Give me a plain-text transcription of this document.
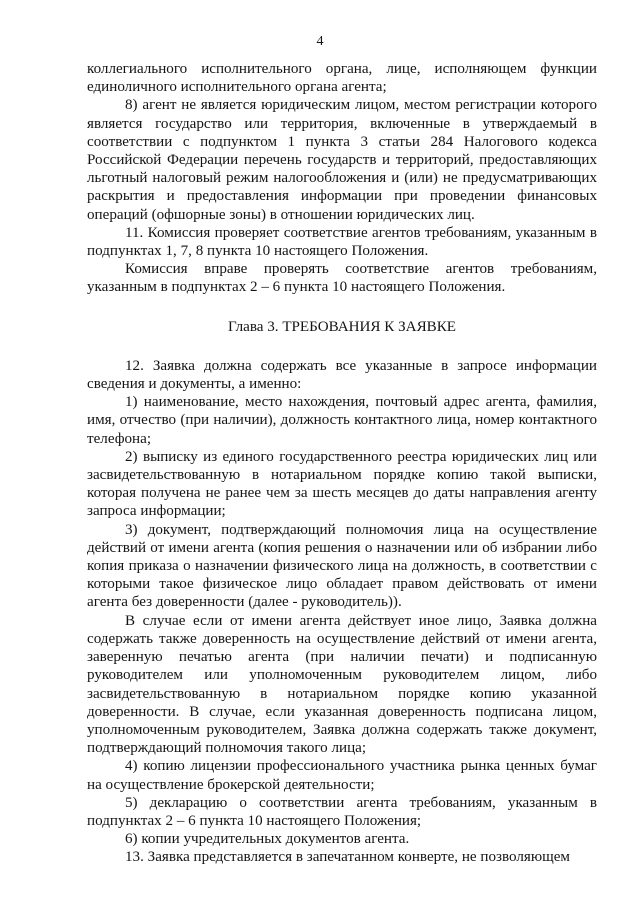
4

коллегиального исполнительного органа, лице, исполняющем функции единоличного исполнительного органа агента;

8) агент не является юридическим лицом, местом регистрации которого является государство или территория, включенные в утверждаемый в соответствии с подпунктом 1 пункта 3 статьи 284 Налогового кодекса Российской Федерации перечень государств и территорий, предоставляющих льготный налоговый режим налогообложения и (или) не предусматривающих раскрытия и предоставления информации при проведении финансовых операций (офшорные зоны) в отношении юридических лиц.

11. Комиссия проверяет соответствие агентов требованиям, указанным в подпунктах 1, 7, 8 пункта 10 настоящего Положения.

Комиссия вправе проверять соответствие агентов требованиям, указанным в подпунктах 2 – 6 пункта 10 настоящего Положения.

Глава 3. ТРЕБОВАНИЯ К ЗАЯВКЕ

12. Заявка должна содержать все указанные в запросе информации сведения и документы, а именно:

1) наименование, место нахождения, почтовый адрес агента, фамилия, имя, отчество (при наличии), должность контактного лица, номер контактного телефона;

2) выписку из единого государственного реестра юридических лиц или засвидетельствованную в нотариальном порядке копию такой выписки, которая получена не ранее чем за шесть месяцев до даты направления агенту запроса информации;

3) документ, подтверждающий полномочия лица на осуществление действий от имени агента (копия решения о назначении или об избрании либо копия приказа о назначении физического лица на должность, в соответствии с которыми такое физическое лицо обладает правом действовать от имени агента без доверенности (далее - руководитель)).

В случае если от имени агента действует иное лицо, Заявка должна содержать также доверенность на осуществление действий от имени агента, заверенную печатью агента (при наличии печати) и подписанную руководителем или уполномоченным руководителем лицом, либо засвидетельствованную в нотариальном порядке копию указанной доверенности. В случае, если указанная доверенность подписана лицом, уполномоченным руководителем, Заявка должна содержать также документ, подтверждающий полномочия такого лица;

4) копию лицензии профессионального участника рынка ценных бумаг на осуществление брокерской деятельности;

5) декларацию о соответствии агента требованиям, указанным в подпунктах 2 – 6 пункта 10 настоящего Положения;

6) копии учредительных документов агента.

13. Заявка представляется в запечатанном конверте, не позволяющем
